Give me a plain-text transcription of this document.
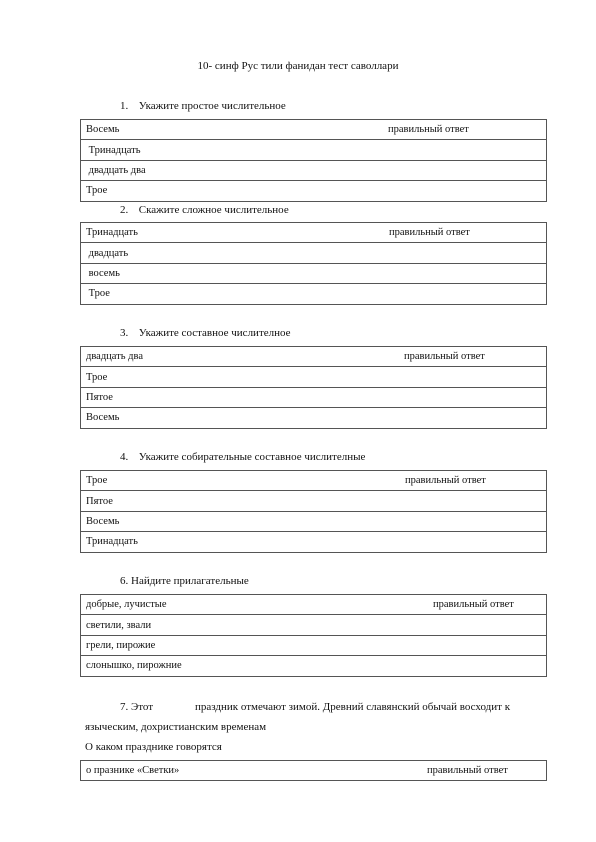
10- синф Рус тили фанидан тест саволлари
1. Укажите простое числительное
Восемь	правильный ответ

Тринадцать
двадцать два
Трое
2. Скажите сложное числительное
Тринадцать	правильный ответ

двадцать
восемь
Трое
3. Укажите составное числителное
двадцать два	правильный ответ

Трое
Пятое
Восемь
4. Укажите собирательные составное числителные
Трое	правильный ответ

Пятое
Восемь
Тринадцать
6. Найдите прилагательные
добрые, лучистые	правильный ответ

светили, звали
грели, пирожие
слонышко, пирожние
7. Этот	праздник отмечают зимой. Древний славянский обычай восходит к
языческим, дохристианским временам
О каком празднике говорятся
о празнике «Светки»	правильный ответ
